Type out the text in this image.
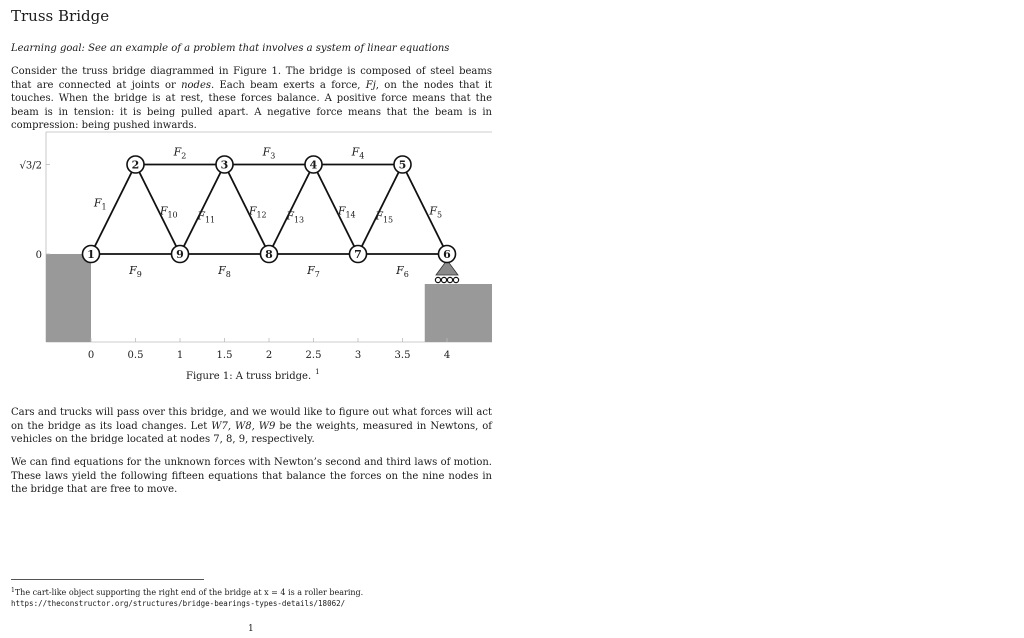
Truss Bridge
Learning goal: See an example of a problem that involves a system of linear equations

Consider the truss bridge diagrammed in Figure 1. The bridge is composed of steel beams that are connected at joints or nodes. Each beam exerts a force, Fj, on the nodes that it touches. When the bridge is at rest, these forces balance. A positive force means that the beam is in tension: it is being pulled apart. A negative force means that the beam is in compression: being pushed inwards.

√3/2
0
0	0.5	1	1.5	2	2.5	3	3.5	4
$F_1$
$F_2$	$F_3$	$F_4$
$F_5$
$F_6$
$F_7$
$F_8$
$F_9$
$F_{10}$ $F_{11}$
$F_{12}$ $F_{13}$
$F_{14}$ $F_{15}$
1
2	3	4	5
6
7
8
9
Figure 1: A truss bridge. $^1$

Cars and trucks will pass over this bridge, and we would like to figure out what forces will act on the bridge as its load changes. Let W7, W8, W9 be the weights, measured in Newtons, of vehicles on the bridge located at nodes 7, 8, 9, respectively.

We can find equations for the unknown forces with Newton’s second and third laws of motion. These laws yield the following fifteen equations that balance the forces on the nine nodes in the bridge that are free to move.

$^1$The cart-like object supporting the right end of the bridge at x = 4 is a roller bearing. https://theconstructor.org/structures/bridge-bearings-types-details/18062/
1
